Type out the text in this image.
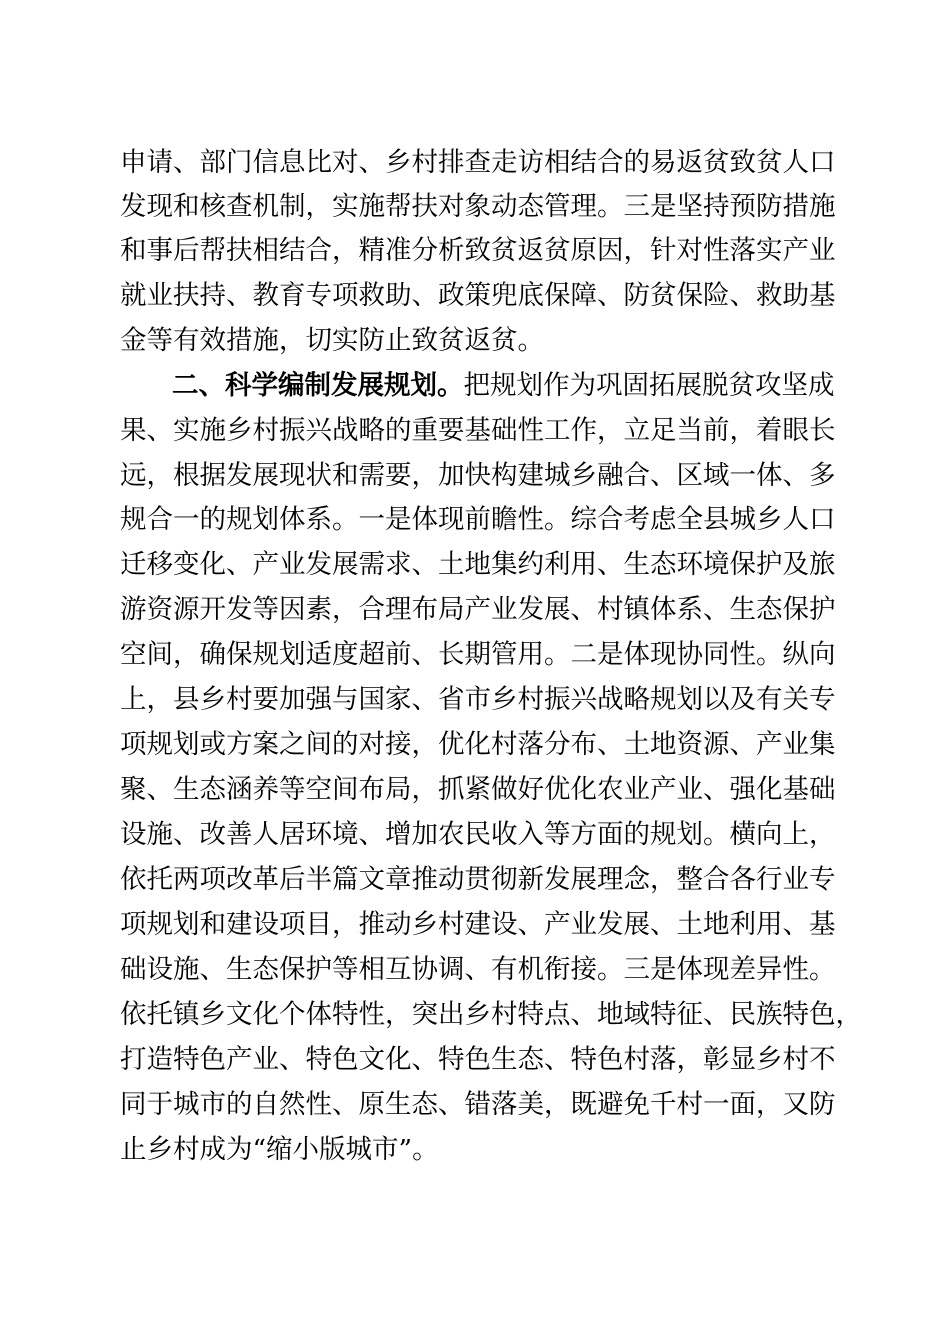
申请、部门信息比对、乡村排查走访相结合的易返贫致贫人口
发现和核查机制，实施帮扶对象动态管理。三是坚持预防措施
和事后帮扶相结合，精准分析致贫返贫原因，针对性落实产业
就业扶持、教育专项救助、政策兜底保障、防贫保险、救助基
金等有效措施，切实防止致贫返贫。
二、科学编制发展规划。把规划作为巩固拓展脱贫攻坚成
果、实施乡村振兴战略的重要基础性工作，立足当前，着眼长
远，根据发展现状和需要，加快构建城乡融合、区域一体、多
规合一的规划体系。一是体现前瞻性。综合考虑全县城乡人口
迁移变化、产业发展需求、土地集约利用、生态环境保护及旅
游资源开发等因素，合理布局产业发展、村镇体系、生态保护
空间，确保规划适度超前、长期管用。二是体现协同性。纵向
上，县乡村要加强与国家、省市乡村振兴战略规划以及有关专
项规划或方案之间的对接，优化村落分布、土地资源、产业集
聚、生态涵养等空间布局，抓紧做好优化农业产业、强化基础
设施、改善人居环境、增加农民收入等方面的规划。横向上，
依托两项改革后半篇文章推动贯彻新发展理念，整合各行业专
项规划和建设项目，推动乡村建设、产业发展、土地利用、基
础设施、生态保护等相互协调、有机衔接。三是体现差异性。
依托镇乡文化个体特性，突出乡村特点、地域特征、民族特色，
打造特色产业、特色文化、特色生态、特色村落，彰显乡村不
同于城市的自然性、原生态、错落美，既避免千村一面，又防
止乡村成为“缩小版城市”。
